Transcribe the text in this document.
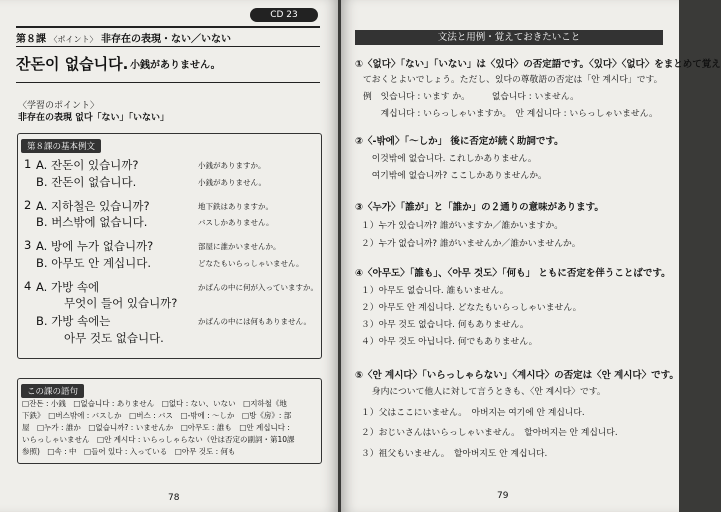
CD 23
第８課 〈ポイント〉 非存在の表現・ない／いない
잔돈이 없습니다. 小銭がありません。
〈学習のポイント〉
非存在の表現 없다「ない」「いない」
第８課の基本例文
1 A. 잔돈이 있습니까?	小銭がありますか。
B. 잔돈이 없습니다.	小銭がありません。
2 A. 지하철은 있습니까?	地下鉄はありますか。
B. 버스밖에 없습니다.	バスしかありません。
3 A. 방에 누가 없습니까?	部屋に誰かいませんか。
B. 아무도 안 계십니다.	どなたもいらっしゃいません。
4 A. 가방 속에	かばんの中に何が入っていますか。
무엇이 들어 있습니까?
B. 가방 속에는	かばんの中には何もありません。
아무 것도 없습니다.
この課の語句
□잔돈 : 小銭　□없습니다 : ありません　□없다 : ない、いない　□지하철《地
下鉄》　□버스밖에 : バスしか　□버스 : バス　□-밖에 : ～しか　□방《房》: 部
屋　□누가 : 誰か　□없습니까? : いませんか　□아무도 : 誰も　□안 계십니다 :
いらっしゃいません　□안 계시다 : いらっしゃらない（안は否定の副詞・第10課
参照)　□속 : 中　□들어 있다 : 入っている　□아무 것도 : 何も
78
文法と用例・覚えておきたいこと
①〈없다〉「ない」「いない」は〈있다〉の否定語です。〈있다〉〈없다〉をまとめて覚え
ておくとよいでしょう。ただし、있다の尊敬語の否定は「안 계시다」です。
例　잇습니다 : います か。　　　없습니다 : いません。
　　계십니다 : いらっしゃいますか。　안 계십니다 : いらっしゃいません。
②〈-밖에〉「～しか」 後に否定が続く助詞です。
　이것밖에 없습니다. これしかありません。
　여기밖에 없습니까? ここしかありませんか。
③〈누가〉「誰が」と「誰か」の２通りの意味があります。
１）누가 있습니까? 誰がいますか／誰かいますか。
２）누가 없습니까? 誰がいませんか／誰かいませんか。
④〈아무도〉「誰も」、〈아무 것도〉「何も」 ともに否定を伴うことばです。
１）아무도 없습니다. 誰もいません。
２）아무도 안 계십니다. どなたもいらっしゃいません。
３）아무 것도 없습니다. 何もありません。
４）아무 것도 아닙니다. 何でもありません。
⑤〈안 계시다〉「いらっしゃらない」〈계시다〉の否定は〈안 계시다〉です。
　身内について他人に対して言うときも、〈안 계시다〉です。
１）父はここにいません。　아버지는 여기에 안 계십니다.
２）おじいさんはいらっしゃいません。　할아버지는 안 계십니다.
３）祖父もいません。　할아버지도 안 계십니다.
79
